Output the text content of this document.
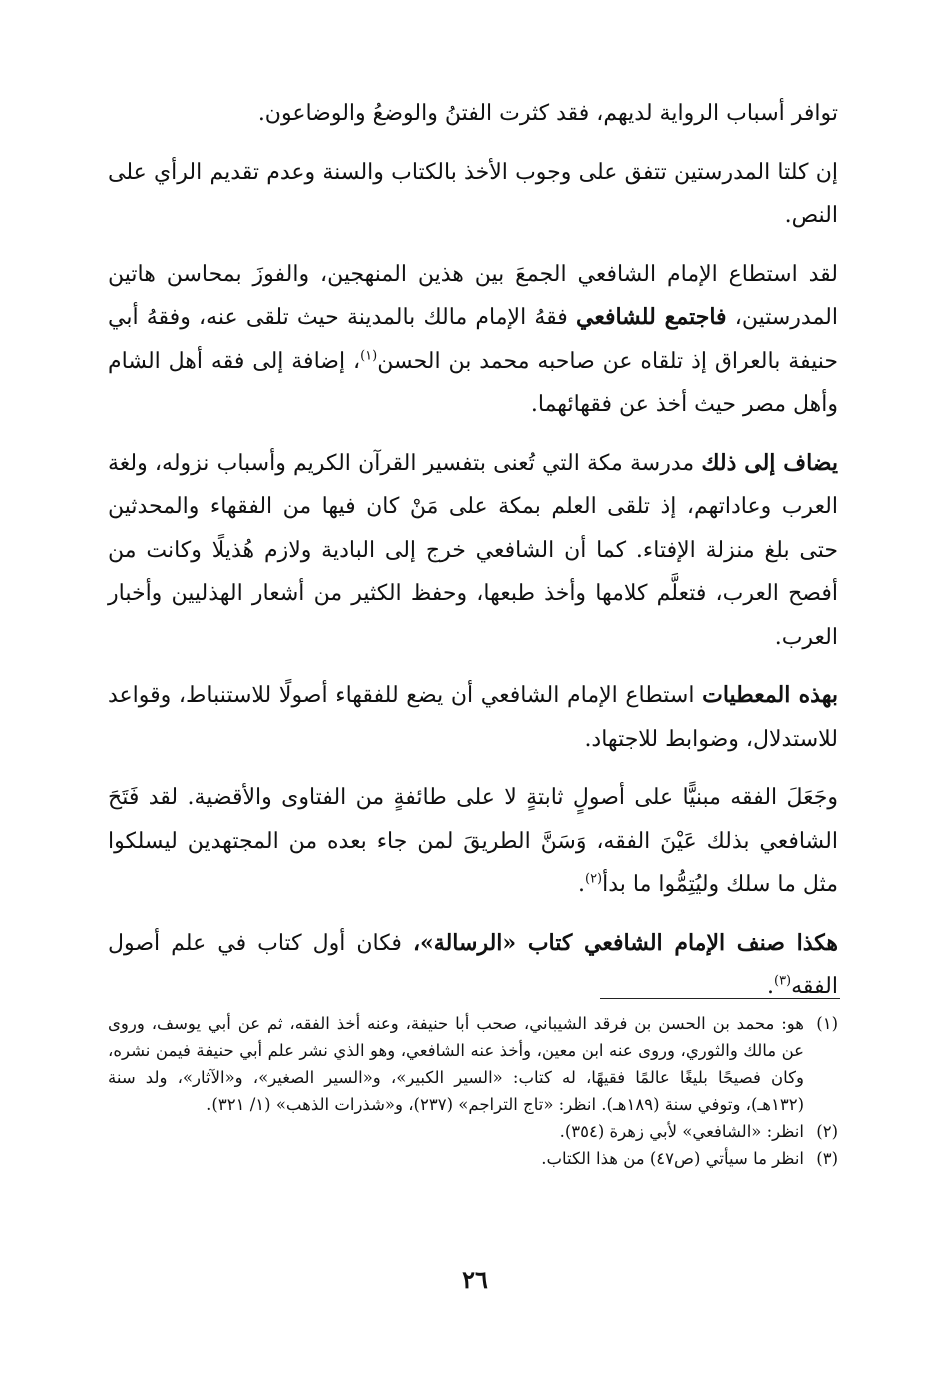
توافر أسباب الرواية لديهم، فقد كثرت الفتنُ والوضعُ والوضاعون.

إن كلتا المدرستين تتفق على وجوب الأخذ بالكتاب والسنة وعدم تقديم الرأي على النص.

لقد استطاع الإمام الشافعي الجمعَ بين هذين المنهجين، والفوزَ بمحاسن هاتين المدرستين، فاجتمع للشافعي فقهُ الإمام مالك بالمدينة حيث تلقى عنه، وفقهُ أبي حنيفة بالعراق إذ تلقاه عن صاحبه محمد بن الحسن$^{(١)}$، إضافة إلى فقه أهل الشام وأهل مصر حيث أخذ عن فقهائهما.

يضاف إلى ذلك مدرسة مكة التي تُعنى بتفسير القرآن الكريم وأسباب نزوله، ولغة العرب وعاداتهم، إذ تلقى العلم بمكة على مَنْ كان فيها من الفقهاء والمحدثين حتى بلغ منزلة الإفتاء. كما أن الشافعي خرج إلى البادية ولازم هُذيلًا وكانت من أفصح العرب، فتعلَّم كلامها وأخذ طبعها، وحفظ الكثير من أشعار الهذليين وأخبار العرب.

بهذه المعطيات استطاع الإمام الشافعي أن يضع للفقهاء أصولًا للاستنباط، وقواعد للاستدلال، وضوابط للاجتهاد.

وجَعَلَ الفقه مبنيًّا على أصولٍ ثابتةٍ لا على طائفةٍ من الفتاوى والأقضية. لقد فَتَحَ الشافعي بذلك عَيْنَ الفقه، وَسَنَّ الطريقَ لمن جاء بعده من المجتهدين ليسلكوا مثل ما سلك وليُتِمُّوا ما بدأ$^{(٢)}$.

هكذا صنف الإمام الشافعي كتاب «الرسالة»، فكان أول كتاب في علم أصول الفقه$^{(٣)}$.

(١)
هو: محمد بن الحسن بن فرقد الشيباني، صحب أبا حنيفة، وعنه أخذ الفقه، ثم عن أبي يوسف، وروى عن مالك والثوري، وروى عنه ابن معين، وأخذ عنه الشافعي، وهو الذي نشر علم أبي حنيفة فيمن نشره، وكان فصيحًا بليغًا عالمًا فقيهًا، له كتاب: «السير الكبير»، و«السير الصغير»، و«الآثار»، ولد سنة (١٣٢هـ)، وتوفي سنة (١٨٩هـ). انظر: «تاج التراجم» (٢٣٧)، و«شذرات الذهب» (١/ ٣٢١).
(٢)
انظر: «الشافعي» لأبي زهرة (٣٥٤).
(٣)
انظر ما سيأتي (ص٤٧) من هذا الكتاب.
٢٦
